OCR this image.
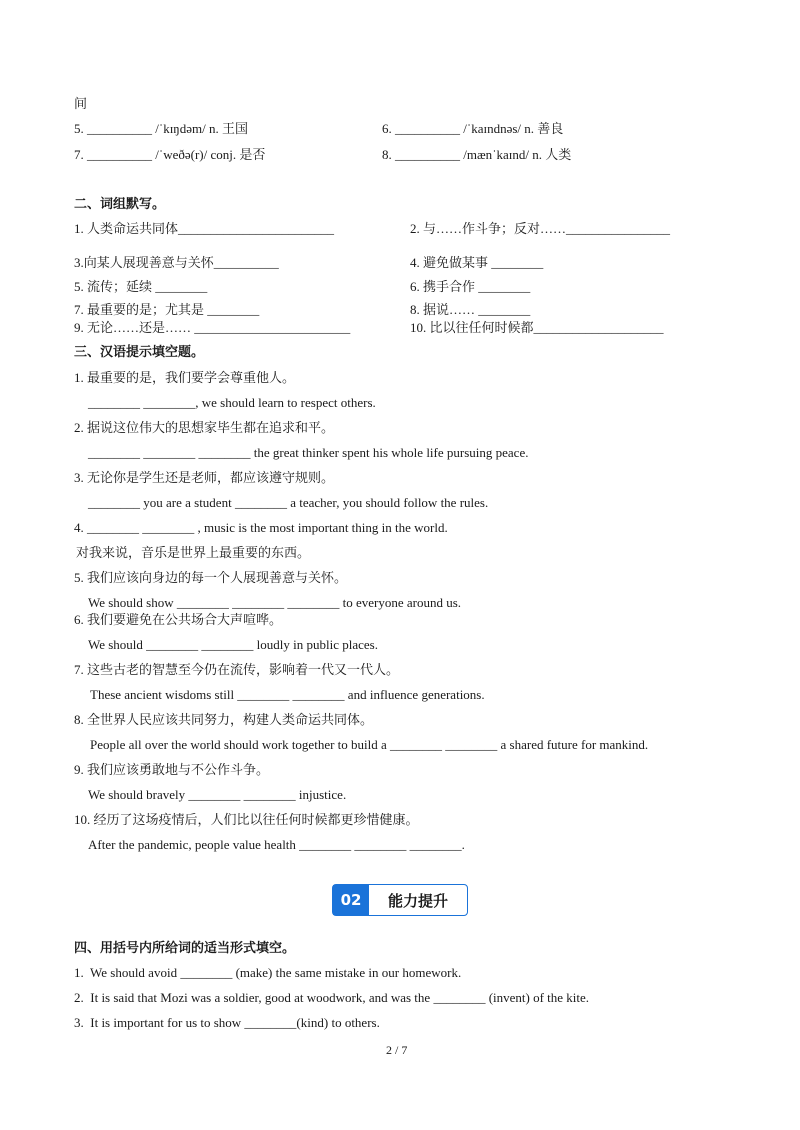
间
5. __________ /ˈkɪŋdəm/ n. 王国	6. __________ /ˈkaɪndnəs/ n. 善良
7. __________ /ˈweðə(r)/ conj. 是否	8. __________ /mænˈkaɪnd/ n. 人类
二、词组默写。
1. 人类命运共同体________________________	2. 与……作斗争；反对……________________
3.向某人展现善意与关怀__________	4. 避免做某事 ________
5. 流传；延续 ________	6. 携手合作 ________
7. 最重要的是；尤其是 ________	8. 据说…… ________
9. 无论……还是…… ________________________	10. 比以往任何时候都____________________
三、汉语提示填空题。
1. 最重要的是，我们要学会尊重他人。
________ ________, we should learn to respect others.
2. 据说这位伟大的思想家毕生都在追求和平。
________ ________ ________ the great thinker spent his whole life pursuing peace.
3. 无论你是学生还是老师，都应该遵守规则。
________ you are a student ________ a teacher, you should follow the rules.
4. ________ ________ , music is the most important thing in the world.
对我来说，音乐是世界上最重要的东西。
5. 我们应该向身边的每一个人展现善意与关怀。
We should show ________ ________ ________ to everyone around us.
6. 我们要避免在公共场合大声喧哗。
We should ________ ________ loudly in public places.
7. 这些古老的智慧至今仍在流传，影响着一代又一代人。
These ancient wisdoms still ________ ________ and influence generations.
8. 全世界人民应该共同努力，构建人类命运共同体。
People all over the world should work together to build a ________ ________ a shared future for mankind.
9. 我们应该勇敢地与不公作斗争。
We should bravely ________ ________ injustice.
10. 经历了这场疫情后，人们比以往任何时候都更珍惜健康。
After the pandemic, people value health ________ ________ ________.
02	能力提升
四、用括号内所给词的适当形式填空。
1.  We should avoid ________ (make) the same mistake in our homework.
2.  It is said that Mozi was a soldier, good at woodwork, and was the ________ (invent) of the kite.
3.  It is important for us to show ________(kind) to others.
2 / 7
